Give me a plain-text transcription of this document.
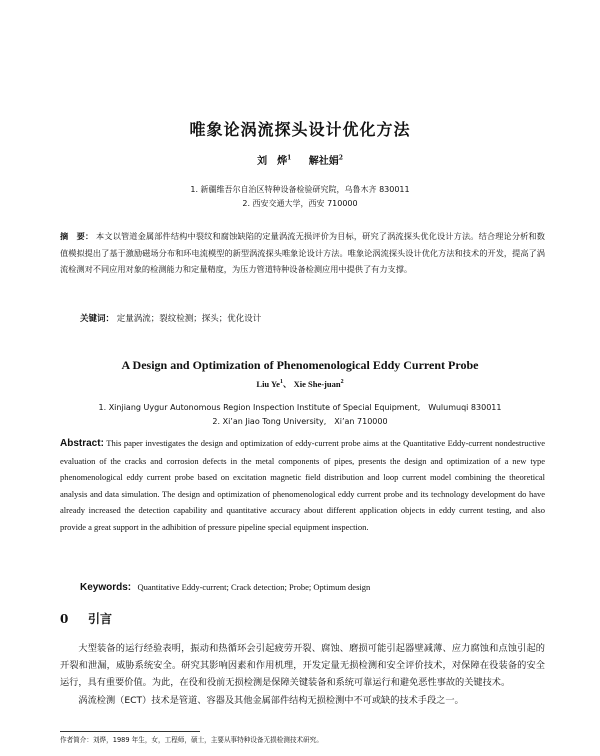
唯象论涡流探头设计优化方法
刘　烨$^1$ 解社娟$^2$
1. 新疆维吾尔自治区特种设备检验研究院，乌鲁木齐 830011
2. 西安交通大学，西安 710000
摘　要： 本文以管道金属部件结构中裂纹和腐蚀缺陷的定量涡流无损评价为目标，研究了涡流探头优化设计方法。结合理论分析和数值模拟提出了基于激励磁场分布和环电流模型的新型涡流探头唯象论设计方法。唯象论涡流探头设计优化方法和技术的开发，提高了涡流检测对不同应用对象的检测能力和定量精度，为压力管道特种设备检测应用中提供了有力支撑。
关键词： 定量涡流；裂纹检测；探头；优化设计
A Design and Optimization of Phenomenological Eddy Current Probe
Liu Ye$^1$、 Xie She-juan$^2$
1. Xinjiang Uygur Autonomous Region Inspection Institute of Special Equipment,　Wulumuqi 830011
2. Xi’an Jiao Tong University,　Xi’an 710000
Abstract: This paper investigates the design and optimization of eddy-current probe aims at the Quantitative Eddy-current nondestructive evaluation of the cracks and corrosion defects in the metal components of pipes, presents the design and optimization of a new type phenomenological eddy current probe based on excitation magnetic field distribution and loop current model combining the theoretical analysis and data simulation. The design and optimization of phenomenological eddy current probe and its technology development do have already increased the detection capability and quantitative accuracy about different application objects in eddy current testing, and also provide a great support in the adhibition of pressure pipeline special equipment inspection.
Keywords: Quantitative Eddy-current; Crack detection; Probe; Optimum design
0 引言

大型装备的运行经验表明，振动和热循环会引起疲劳开裂、腐蚀、磨损可能引起器壁减薄、应力腐蚀和点蚀引起的开裂和泄漏，威胁系统安全。研究其影响因素和作用机理，开发定量无损检测和安全评价技术，对保障在役装备的安全运行，具有重要价值。为此，在役和役前无损检测是保障关键装备和系统可靠运行和避免恶性事故的关键技术。

涡流检测（ECT）技术是管道、容器及其他金属部件结构无损检测中不可或缺的技术手段之一。

作者简介：刘烨，1989 年生，女，工程师，硕士，主要从事特种设备无损检测技术研究。
